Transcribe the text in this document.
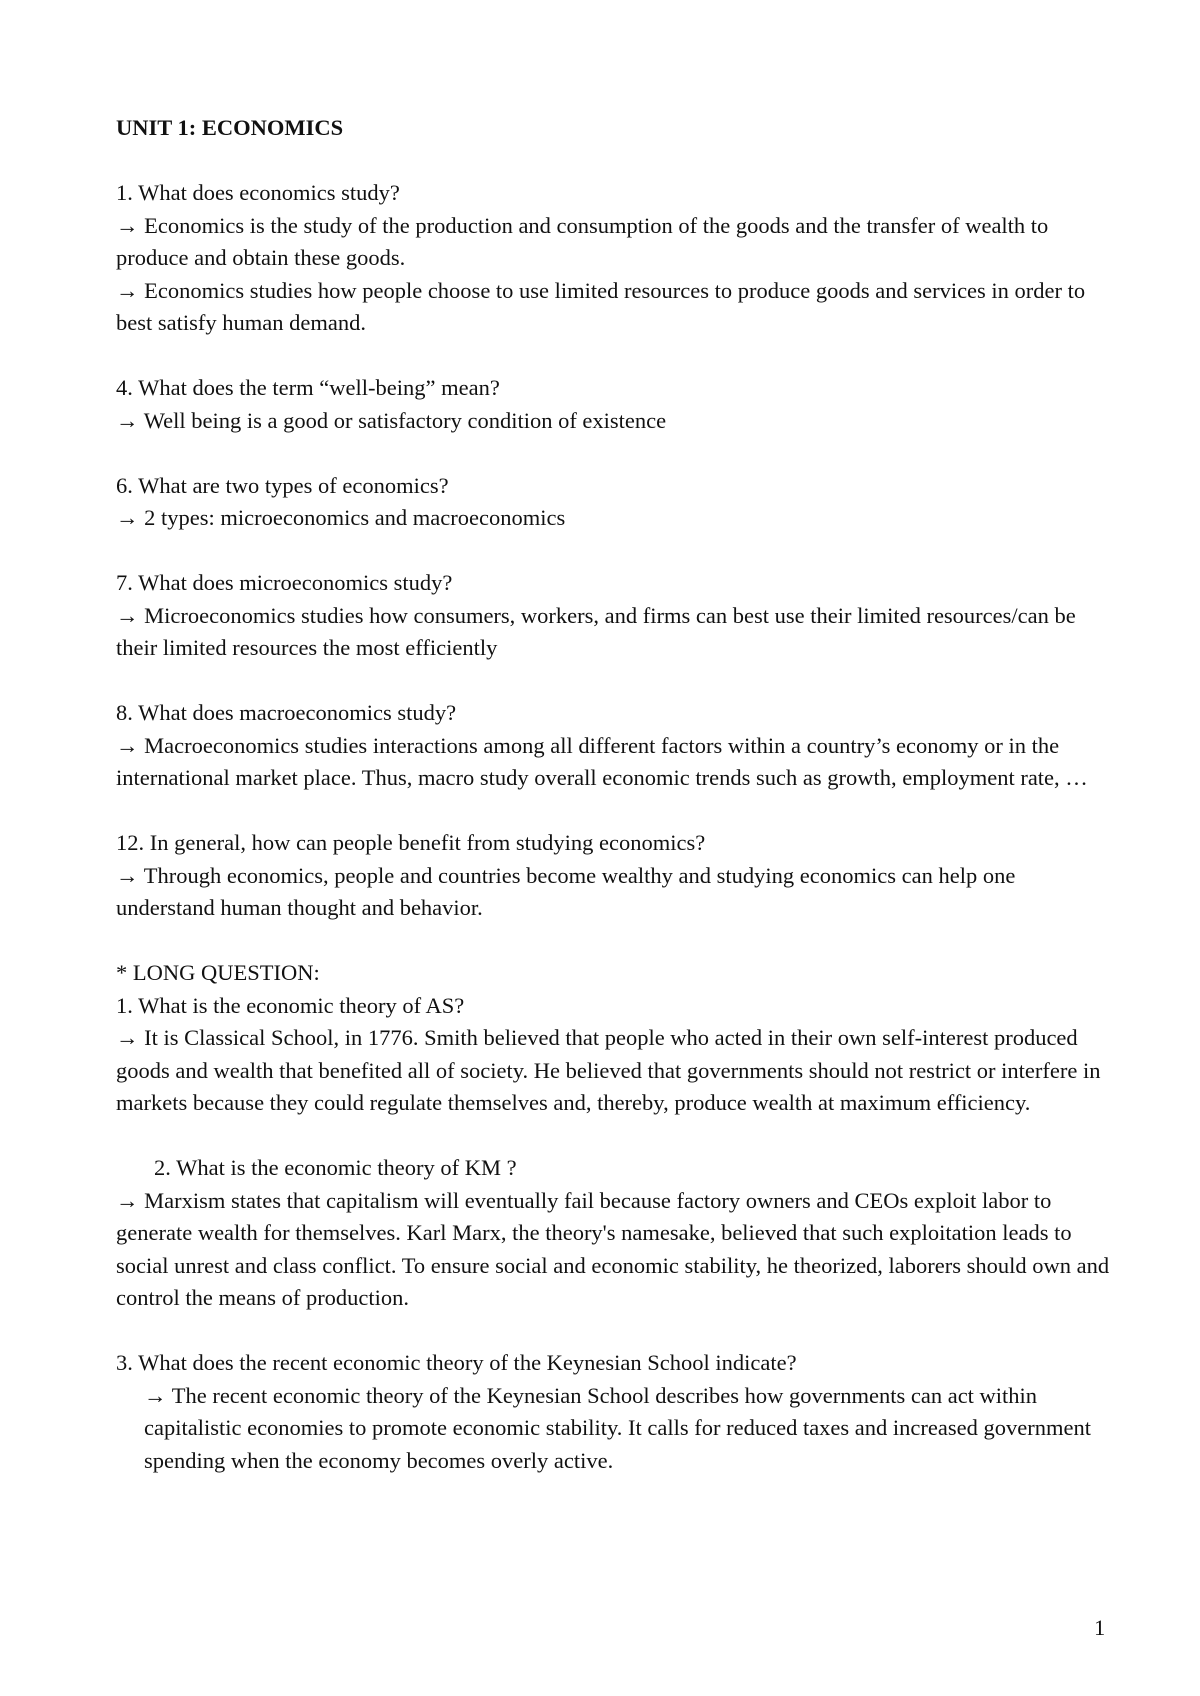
UNIT 1: ECONOMICS
1. What does economics study?
→ Economics is the study of the production and consumption of the goods and the transfer of wealth to produce and obtain these goods.
→ Economics studies how people choose to use limited resources to produce goods and services in order to best satisfy human demand.
4. What does the term “well-being” mean?
→ Well being is a good or satisfactory condition of existence
6. What are two types of economics?
→ 2 types: microeconomics and macroeconomics
7. What does microeconomics study?
→ Microeconomics studies how consumers, workers, and firms can best use their limited resources/can be their limited resources the most efficiently
8. What does macroeconomics study?
→ Macroeconomics studies interactions among all different factors within a country’s economy or in the international market place. Thus, macro study overall economic trends such as growth, employment rate, …
12. In general, how can people benefit from studying economics?
→ Through economics, people and countries become wealthy and studying economics can help one understand human thought and behavior.
* LONG QUESTION:
1. What is the economic theory of AS?
→ It is Classical School, in 1776. Smith believed that people who acted in their own self-interest produced goods and wealth that benefited all of society. He believed that governments should not restrict or interfere in markets because they could regulate themselves and, thereby, produce wealth at maximum efficiency.
2. What is the economic theory of KM ?
→ Marxism states that capitalism will eventually fail because factory owners and CEOs exploit labor to generate wealth for themselves. Karl Marx, the theory's namesake, believed that such exploitation leads to social unrest and class conflict. To ensure social and economic stability, he theorized, laborers should own and control the means of production.
3. What does the recent economic theory of the Keynesian School indicate?
→ The recent economic theory of the Keynesian School describes how governments can act within capitalistic economies to promote economic stability. It calls for reduced taxes and increased government spending when the economy becomes overly active.
1
